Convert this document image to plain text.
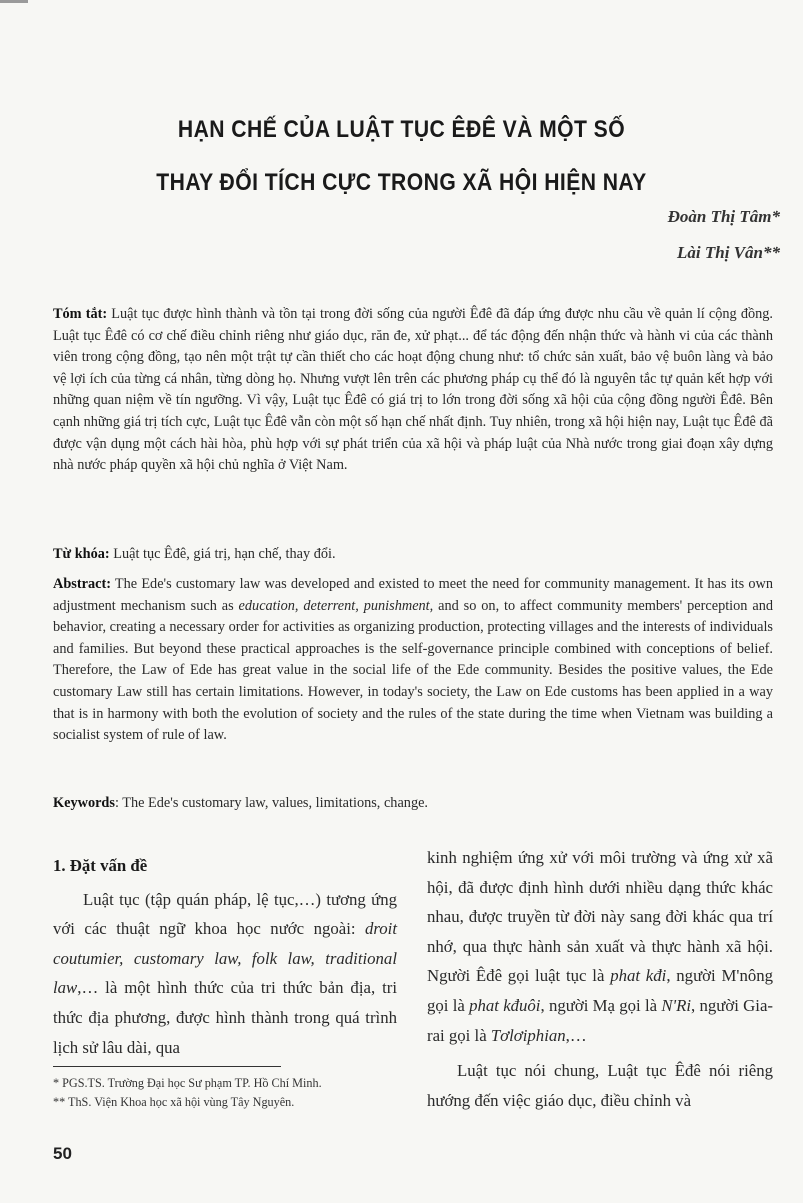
HẠN CHẾ CỦA LUẬT TỤC ÊĐÊ VÀ MỘT SỐ
THAY ĐỔI TÍCH CỰC TRONG XÃ HỘI HIỆN NAY
Đoàn Thị Tâm*
Lài Thị Vân**

Tóm tắt: Luật tục được hình thành và tồn tại trong đời sống của người Êđê đã đáp ứng được nhu cầu về quản lí cộng đồng. Luật tục Êđê có cơ chế điều chỉnh riêng như giáo dục, răn đe, xử phạt... để tác động đến nhận thức và hành vi của các thành viên trong cộng đồng, tạo nên một trật tự cần thiết cho các hoạt động chung như: tổ chức sản xuất, bảo vệ buôn làng và bảo vệ lợi ích của từng cá nhân, từng dòng họ. Nhưng vượt lên trên các phương pháp cụ thể đó là nguyên tắc tự quản kết hợp với những quan niệm về tín ngưỡng. Vì vậy, Luật tục Êđê có giá trị to lớn trong đời sống xã hội của cộng đồng người Êđê. Bên cạnh những giá trị tích cực, Luật tục Êđê vẫn còn một số hạn chế nhất định. Tuy nhiên, trong xã hội hiện nay, Luật tục Êđê đã được vận dụng một cách hài hòa, phù hợp với sự phát triển của xã hội và pháp luật của Nhà nước trong giai đoạn xây dựng nhà nước pháp quyền xã hội chủ nghĩa ở Việt Nam.

Từ khóa: Luật tục Êđê, giá trị, hạn chế, thay đổi.

Abstract: The Ede's customary law was developed and existed to meet the need for community management. It has its own adjustment mechanism such as education, deterrent, punishment, and so on, to affect community members' perception and behavior, creating a necessary order for activities as organizing production, protecting villages and the interests of individuals and families. But beyond these practical approaches is the self-governance principle combined with conceptions of belief. Therefore, the Law of Ede has great value in the social life of the Ede community. Besides the positive values, the Ede customary Law still has certain limitations. However, in today's society, the Law on Ede customs has been applied in a way that is in harmony with both the evolution of society and the rules of the state during the time when Vietnam was building a socialist system of rule of law.

Keywords: The Ede's customary law, values, limitations, change.

1. Đặt vấn đề

Luật tục (tập quán pháp, lệ tục,…) tương ứng với các thuật ngữ khoa học nước ngoài: droit coutumier, customary law, folk law, traditional law,… là một hình thức của tri thức bản địa, tri thức địa phương, được hình thành trong quá trình lịch sử lâu dài, qua

kinh nghiệm ứng xử với môi trường và ứng xử xã hội, đã được định hình dưới nhiều dạng thức khác nhau, được truyền từ đời này sang đời khác qua trí nhớ, qua thực hành sản xuất và thực hành xã hội. Người Êđê gọi luật tục là phat kđi, người M'nông gọi là phat kđuôi, người Mạ gọi là N'Ri, người Gia-rai gọi là Tơlơiphian,…

Luật tục nói chung, Luật tục Êđê nói riêng hướng đến việc giáo dục, điều chỉnh và

* PGS.TS. Trường Đại học Sư phạm TP. Hồ Chí Minh.
** ThS. Viện Khoa học xã hội vùng Tây Nguyên.
50
